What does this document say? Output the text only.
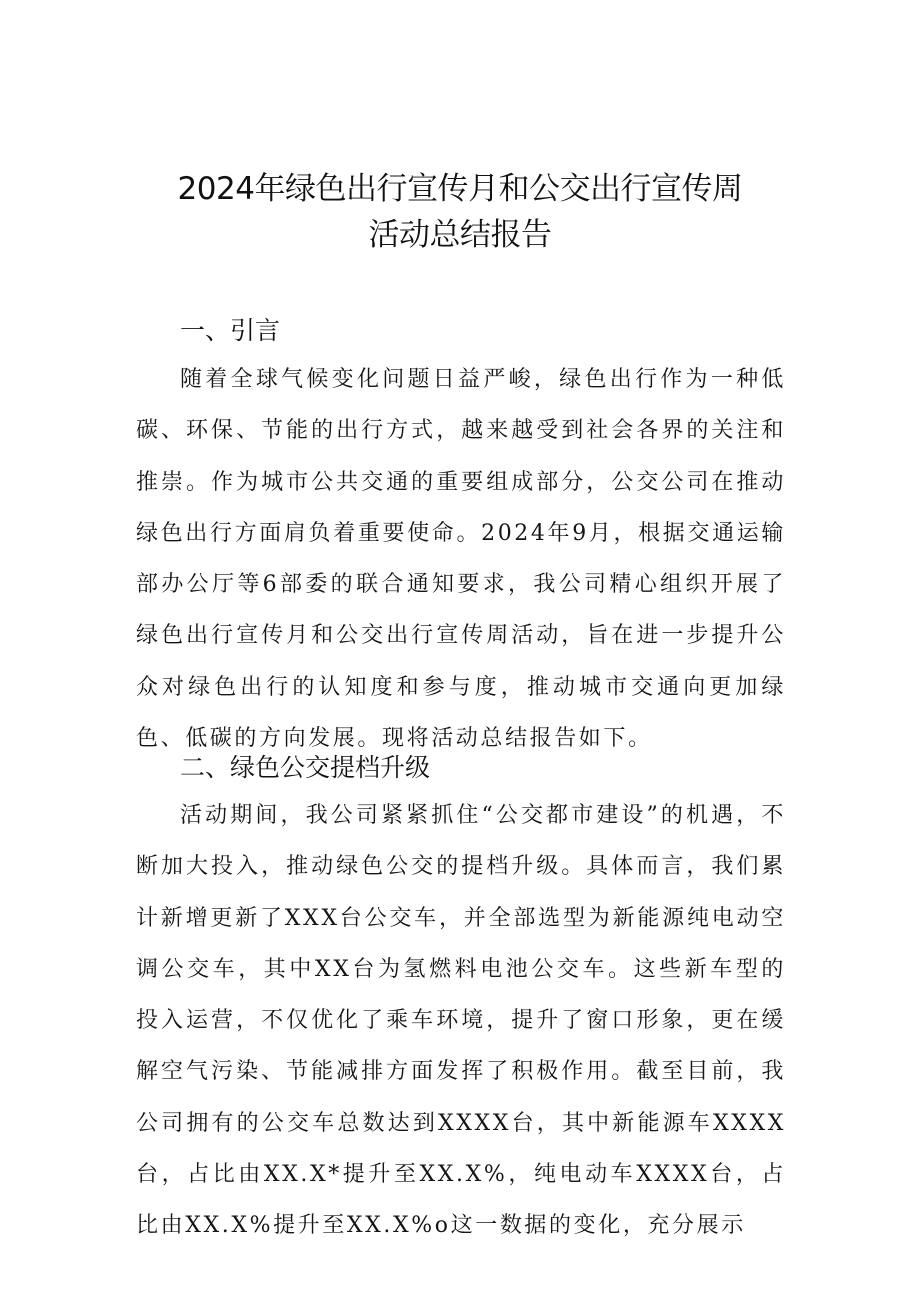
2024年绿色出行宣传月和公交出行宣传周
活动总结报告
一、引言

随着全球气候变化问题日益严峻，绿色出行作为一种低碳、环保、节能的出行方式，越来越受到社会各界的关注和推崇。作为城市公共交通的重要组成部分，公交公司在推动绿色出行方面肩负着重要使命。2024年9月，根据交通运输部办公厅等6部委的联合通知要求，我公司精心组织开展了绿色出行宣传月和公交出行宣传周活动，旨在进一步提升公众对绿色出行的认知度和参与度，推动城市交通向更加绿色、低碳的方向发展。现将活动总结报告如下。

二、绿色公交提档升级

活动期间，我公司紧紧抓住“公交都市建设”的机遇，不断加大投入，推动绿色公交的提档升级。具体而言，我们累计新增更新了XXX台公交车，并全部选型为新能源纯电动空调公交车，其中XX台为氢燃料电池公交车。这些新车型的投入运营，不仅优化了乘车环境，提升了窗口形象，更在缓解空气污染、节能减排方面发挥了积极作用。截至目前，我公司拥有的公交车总数达到XXXX台，其中新能源车XXXX台，占比由XX.X*提升至XX.X%，纯电动车XXXX台，占比由XX.X%提升至XX.X%o这一数据的变化，充分展示
